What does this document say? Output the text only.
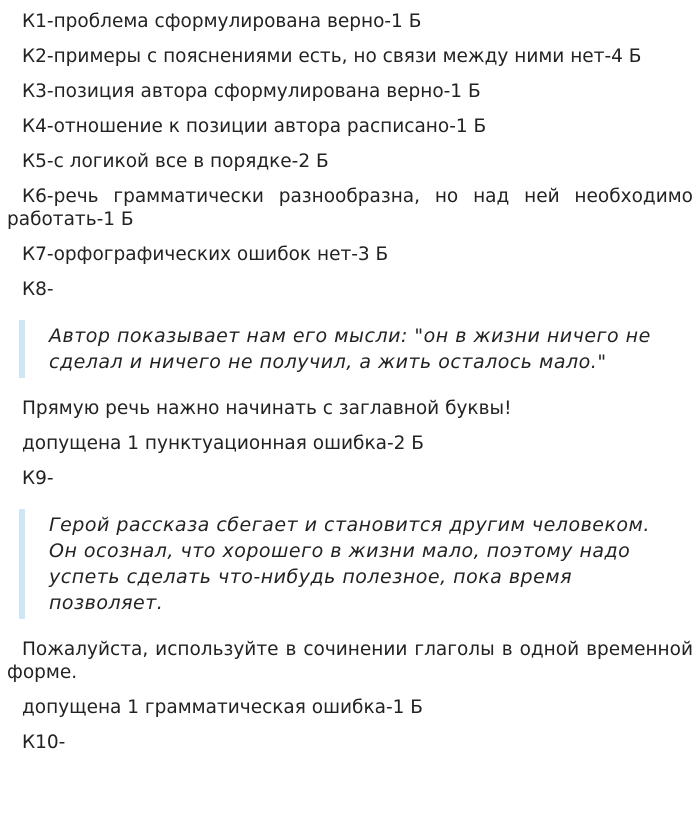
К1-проблема сформулирована верно-1 Б

К2-примеры с пояснениями есть, но связи между ними нет-4 Б

К3-позиция автора сформулирована верно-1 Б

К4-отношение к позиции автора расписано-1 Б

К5-с логикой все в порядке-2 Б

К6-речь грамматически разнообразна, но над ней необходимо работать-1 Б

К7-орфографических ошибок нет-3 Б

К8-

Автор показывает нам его мысли: "он в жизни ничего не сделал и ничего не получил, а жить осталось мало."

Прямую речь нажно начинать с заглавной буквы!

допущена 1 пунктуационная ошибка-2 Б

К9-

Герой рассказа сбегает и становится другим человеком. Он осознал, что хорошего в жизни мало, поэтому надо успеть сделать что-нибудь полезное, пока время позволяет.

Пожалуйста, используйте в сочинении глаголы в одной временной форме.

допущена 1 грамматическая ошибка-1 Б

К10-
